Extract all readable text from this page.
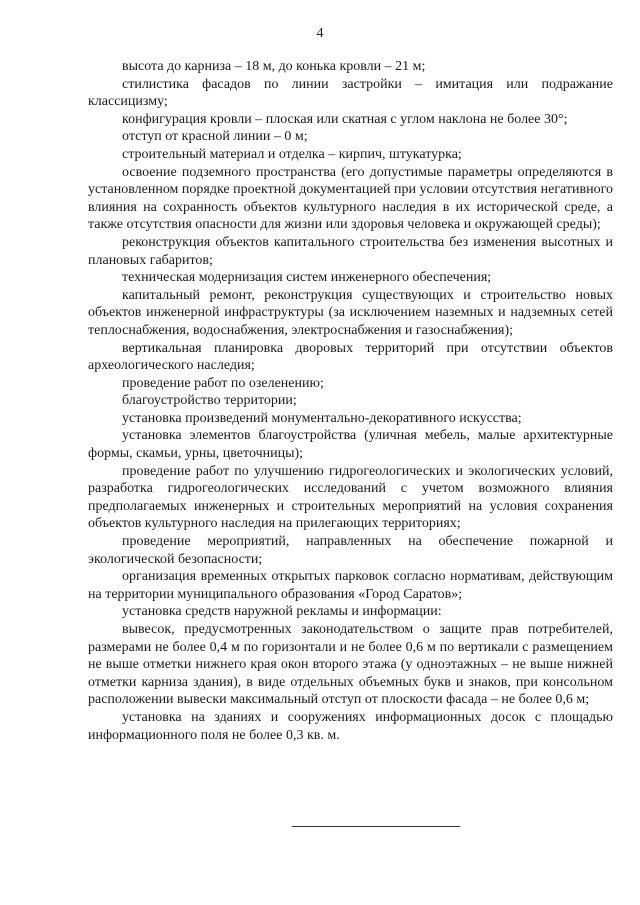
4

высота до карниза – 18 м, до конька кровли – 21 м;

стилистика фасадов по линии застройки – имитация или подражание классицизму;

конфигурация кровли – плоская или скатная с углом наклона не более 30°;

отступ от красной линии – 0 м;

строительный материал и отделка – кирпич, штукатурка;

освоение подземного пространства (его допустимые параметры определяются в установленном порядке проектной документацией при условии отсутствия негативного влияния на сохранность объектов культурного наследия в их исторической среде, а также отсутствия опасности для жизни или здоровья человека и окружающей среды);

реконструкция объектов капитального строительства без изменения высотных и плановых габаритов;

техническая модернизация систем инженерного обеспечения;

капитальный ремонт, реконструкция существующих и строительство новых объектов инженерной инфраструктуры (за исключением наземных и надземных сетей теплоснабжения, водоснабжения, электроснабжения и газоснабжения);

вертикальная планировка дворовых территорий при отсутствии объектов археологического наследия;

проведение работ по озеленению;

благоустройство территории;

установка произведений монументально-декоративного искусства;

установка элементов благоустройства (уличная мебель, малые архитектурные формы, скамьи, урны, цветочницы);

проведение работ по улучшению гидрогеологических и экологических условий, разработка гидрогеологических исследований с учетом возможного влияния предполагаемых инженерных и строительных мероприятий на условия сохранения объектов культурного наследия на прилегающих территориях;

проведение мероприятий, направленных на обеспечение пожарной и экологической безопасности;

организация временных открытых парковок согласно нормативам, действующим на территории муниципального образования «Город Саратов»;

установка средств наружной рекламы и информации:

вывесок, предусмотренных законодательством о защите прав потребителей, размерами не более 0,4 м по горизонтали и не более 0,6 м по вертикали с размещением не выше отметки нижнего края окон второго этажа (у одноэтажных – не выше нижней отметки карниза здания), в виде отдельных объемных букв и знаков, при консольном расположении вывески максимальный отступ от плоскости фасада – не более 0,6 м;

установка на зданиях и сооружениях информационных досок с площадью информационного поля не более 0,3 кв. м.
